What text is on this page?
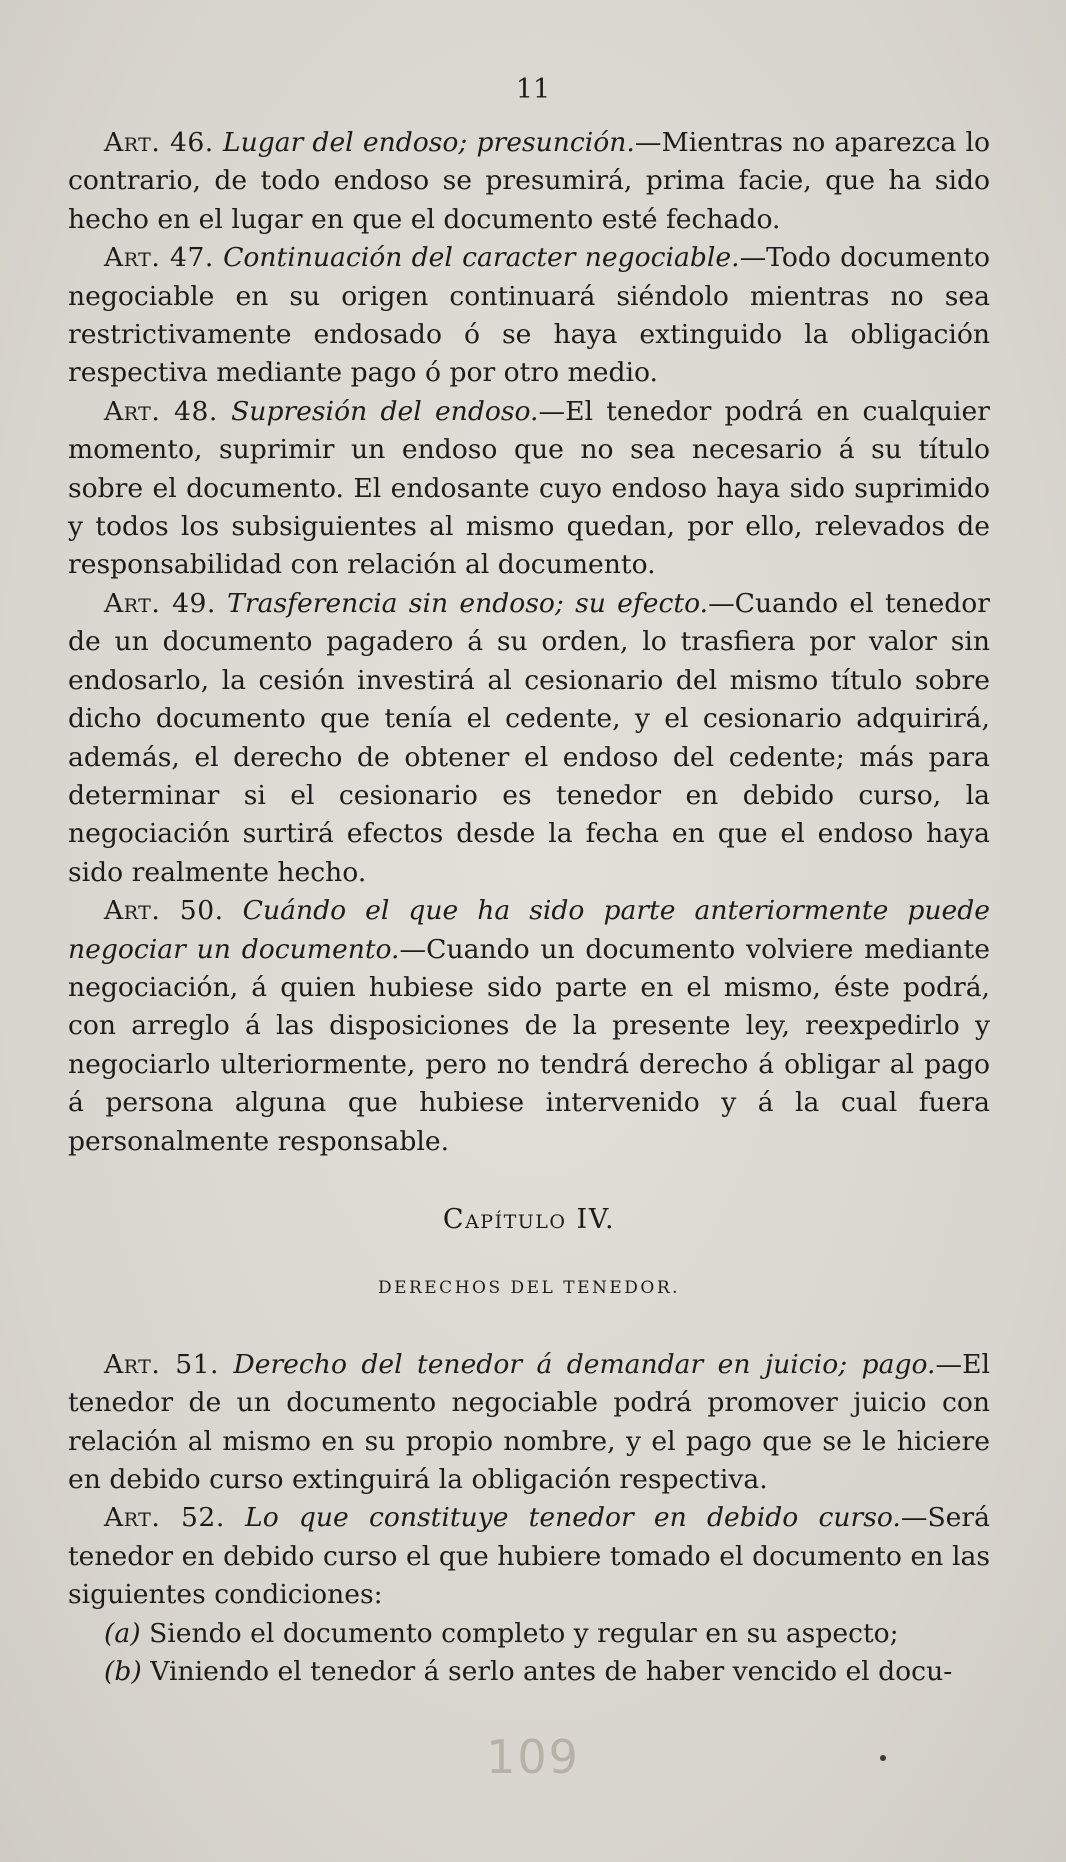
11

Art. 46. Lugar del endoso; presunción.—Mientras no aparezca lo contrario, de todo endoso se presumirá, prima facie, que ha sido hecho en el lugar en que el documento esté fechado.

Art. 47. Continuación del caracter negociable.—Todo documento negociable en su origen continuará siéndolo mientras no sea restrictivamente endosado ó se haya extinguido la obligación respectiva mediante pago ó por otro medio.

Art. 48. Supresión del endoso.—El tenedor podrá en cualquier momento, suprimir un endoso que no sea necesario á su título sobre el documento. El endosante cuyo endoso haya sido suprimido y todos los subsiguientes al mismo quedan, por ello, relevados de responsabilidad con relación al documento.

Art. 49. Trasferencia sin endoso; su efecto.—Cuando el tenedor de un documento pagadero á su orden, lo trasfiera por valor sin endosarlo, la cesión investirá al cesionario del mismo título sobre dicho documento que tenía el cedente, y el cesionario adquirirá, además, el derecho de obtener el endoso del cedente; más para determinar si el cesionario es tenedor en debido curso, la negociación surtirá efectos desde la fecha en que el endoso haya sido realmente hecho.

Art. 50. Cuándo el que ha sido parte anteriormente puede negociar un documento.—Cuando un documento volviere mediante negociación, á quien hubiese sido parte en el mismo, éste podrá, con arreglo á las disposiciones de la presente ley, reexpedirlo y negociarlo ulteriormente, pero no tendrá derecho á obligar al pago á persona alguna que hubiese intervenido y á la cual fuera personalmente responsable.

Capítulo IV.
DERECHOS DEL TENEDOR.

Art. 51. Derecho del tenedor á demandar en juicio; pago.—El tenedor de un documento negociable podrá promover juicio con relación al mismo en su propio nombre, y el pago que se le hiciere en debido curso extinguirá la obligación respectiva.

Art. 52. Lo que constituye tenedor en debido curso.—Será tenedor en debido curso el que hubiere tomado el documento en las siguientes condiciones:

(a) Siendo el documento completo y regular en su aspecto;

(b) Viniendo el tenedor á serlo antes de haber vencido el docu-

109
